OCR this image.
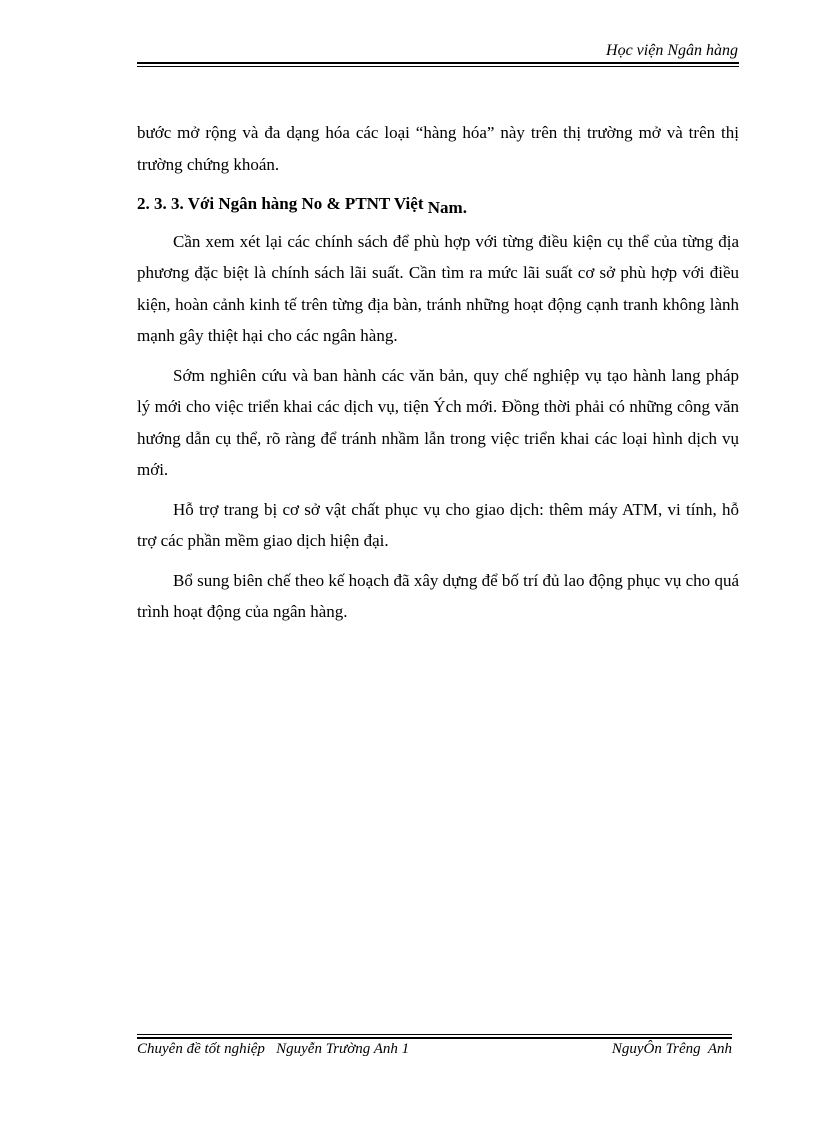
Học viện Ngân hàng

bước mở rộng và đa dạng hóa các loại “hàng hóa” này trên thị trường mở và trên thị trường chứng khoán.

2. 3. 3. Với Ngân hàng No & PTNT Việt Nam.

Cần xem xét lại các chính sách để phù hợp với từng điều kiện cụ thể của từng địa phương đặc biệt là chính sách lãi suất. Cần tìm ra mức lãi suất cơ sở phù hợp với điều kiện, hoàn cảnh kinh tế trên từng địa bàn, tránh những hoạt động cạnh tranh không lành mạnh gây thiệt hại cho các ngân hàng.

Sớm nghiên cứu và ban hành các văn bản, quy chế nghiệp vụ tạo hành lang pháp lý mới cho việc triển khai các dịch vụ, tiện Ých mới. Đồng thời phải có những công văn hướng dẫn cụ thể, rõ ràng để tránh nhầm lẫn trong việc triển khai các loại hình dịch vụ mới.

Hỗ trợ trang bị cơ sở vật chất phục vụ cho giao dịch: thêm máy ATM, vi tính, hỗ trợ các phần mềm giao dịch hiện đại.

Bổ sung biên chế theo kế hoạch đã xây dựng để bố trí đủ lao động phục vụ cho quá trình hoạt động của ngân hàng.

Chuyên đề tốt nghiệp   Nguyễn Trường Anh 1	NguyÔn Trêng  Anh
